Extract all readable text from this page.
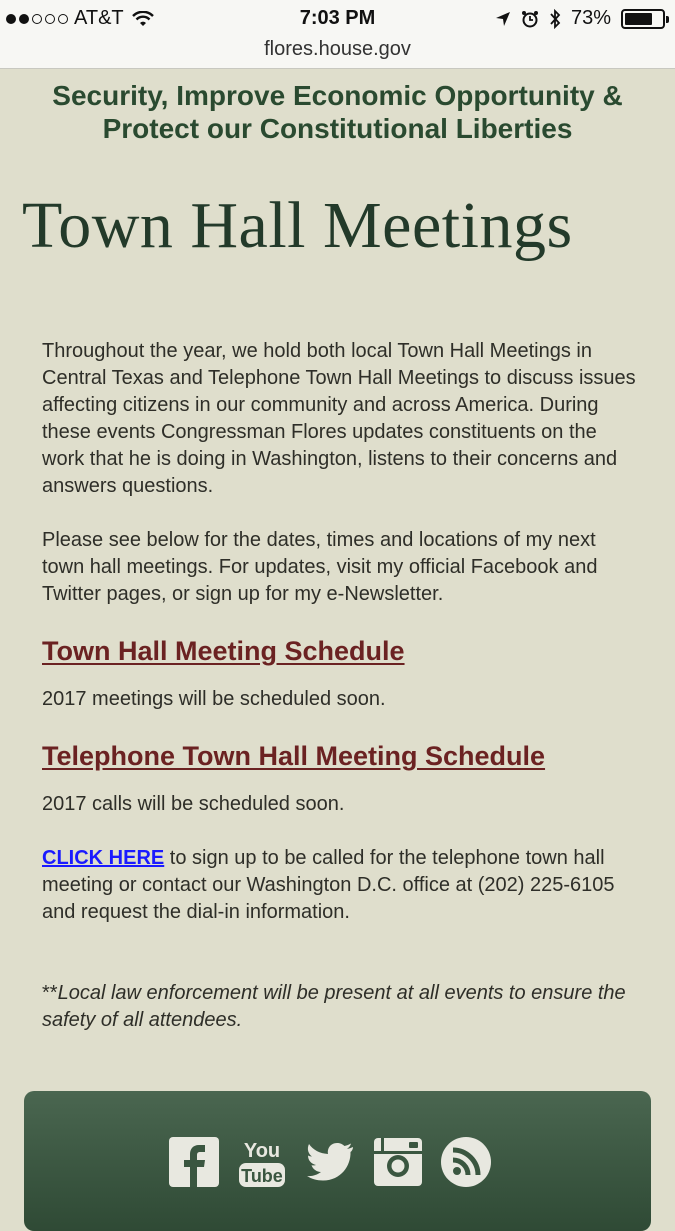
AT&T	7:03 PM	73%
flores.house.gov
Security, Improve Economic Opportunity &
Protect our Constitutional Liberties
Town Hall Meetings

Throughout the year, we hold both local Town Hall Meetings in Central Texas and Telephone Town Hall Meetings to discuss issues affecting citizens in our community and across America. During these events Congressman Flores updates constituents on the work that he is doing in Washington, listens to their concerns and answers questions.

Please see below for the dates, times and locations of my next town hall meetings. For updates, visit my official Facebook and Twitter pages, or sign up for my e-Newsletter.

Town Hall Meeting Schedule

2017 meetings will be scheduled soon.

Telephone Town Hall Meeting Schedule

2017 calls will be scheduled soon.

CLICK HERE to sign up to be called for the telephone town hall meeting or contact our Washington D.C. office at (202) 225-6105 and request the dial-in information.

**Local law enforcement will be present at all events to ensure the safety of all attendees.

You
Tube
